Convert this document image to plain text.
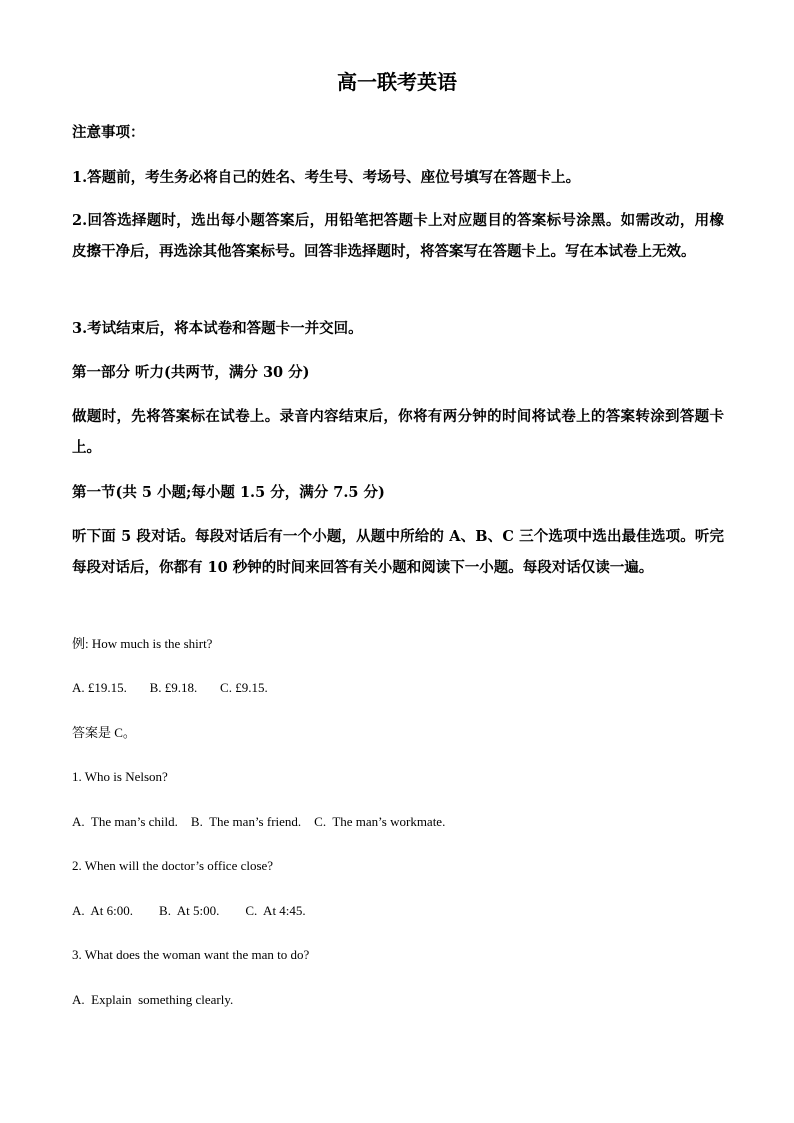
高一联考英语

注意事项：

1.答题前，考生务必将自己的姓名、考生号、考场号、座位号填写在答题卡上。

2.回答选择题时，选出每小题答案后，用铅笔把答题卡上对应题目的答案标号涂黑。如需改动，用橡皮擦干净后，再选涂其他答案标号。回答非选择题时，将答案写在答题卡上。写在本试卷上无效。

3.考试结束后，将本试卷和答题卡一并交回。

第一部分 听力(共两节，满分 30 分)

做题时，先将答案标在试卷上。录音内容结束后，你将有两分钟的时间将试卷上的答案转涂到答题卡上。

第一节(共 5 小题;每小题 1.5 分，满分 7.5 分)

听下面 5 段对话。每段对话后有一个小题，从题中所给的 A、B、C 三个选项中选出最佳选项。听完每段对话后，你都有 10 秒钟的时间来回答有关小题和阅读下一小题。每段对话仅读一遍。

例: How much is the shirt?

A. £19.15.       B. £9.18.       C. £9.15.

答案是 C。

1. Who is Nelson?

A.  The man’s child.    B.  The man’s friend.    C.  The man’s workmate.

2. When will the doctor’s office close?

A.  At 6:00.        B.  At 5:00.        C.  At 4:45.

3. What does the woman want the man to do?

A.  Explain  something clearly.
